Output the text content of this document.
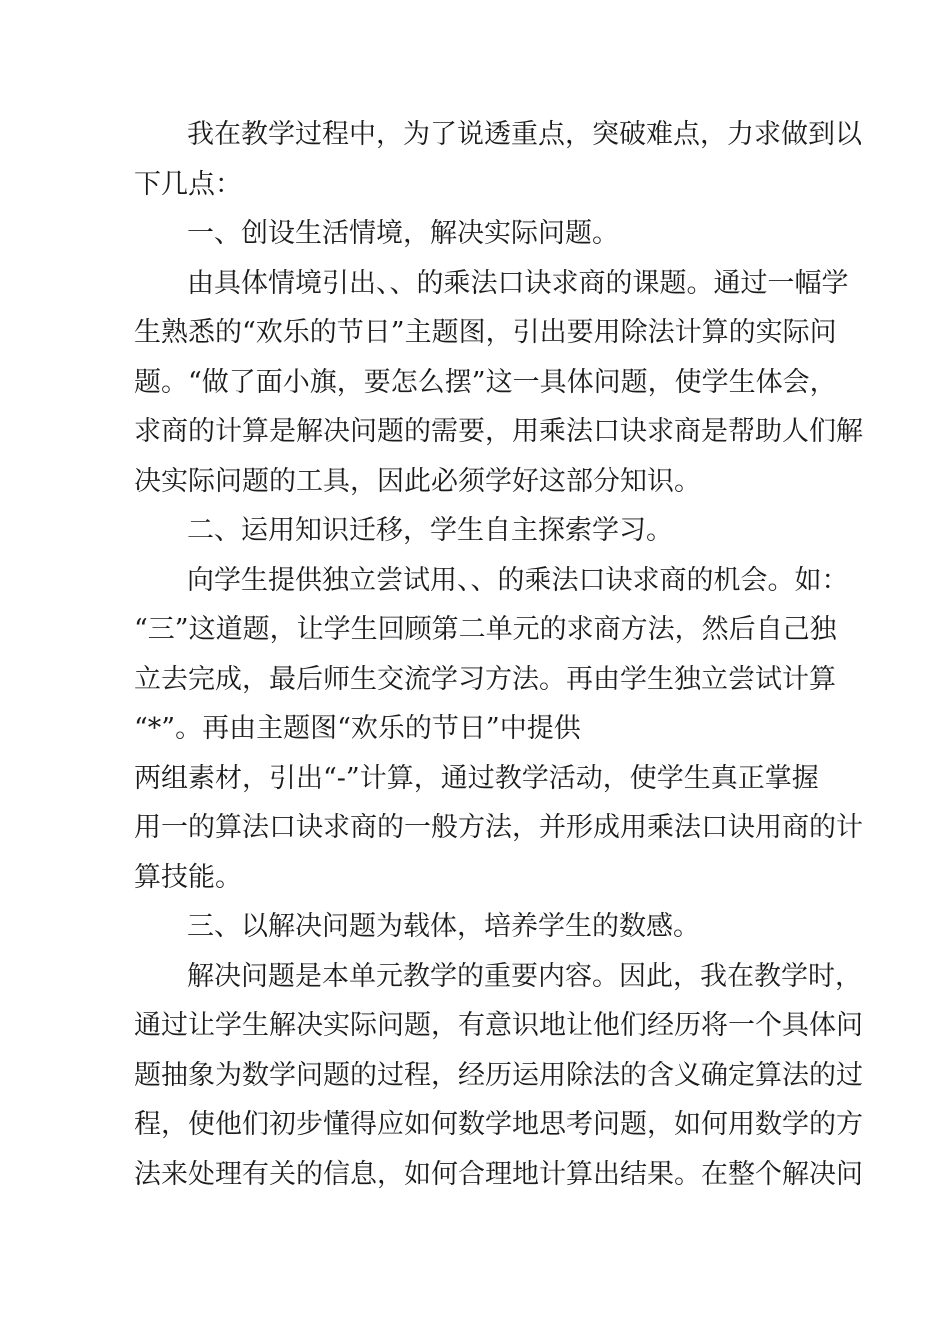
我在教学过程中，为了说透重点，突破难点，力求做到以
下几点：
一、创设生活情境，解决实际问题。
由具体情境引出、、的乘法口诀求商的课题。通过一幅学
生熟悉的“欢乐的节日”主题图，引出要用除法计算的实际问
题。“做了面小旗，要怎么摆”这一具体问题，使学生体会，
求商的计算是解决问题的需要，用乘法口诀求商是帮助人们解
决实际问题的工具，因此必须学好这部分知识。
二、运用知识迁移，学生自主探索学习。
向学生提供独立尝试用、、的乘法口诀求商的机会。如：
“三”这道题，让学生回顾第二单元的求商方法，然后自己独
立去完成，最后师生交流学习方法。再由学生独立尝试计算
“*”。再由主题图“欢乐的节日”中提供
两组素材，引出“-”计算，通过教学活动，使学生真正掌握
用一的算法口诀求商的一般方法，并形成用乘法口诀用商的计
算技能。
三、以解决问题为载体，培养学生的数感。
解决问题是本单元教学的重要内容。因此，我在教学时，
通过让学生解决实际问题，有意识地让他们经历将一个具体问
题抽象为数学问题的过程，经历运用除法的含义确定算法的过
程，使他们初步懂得应如何数学地思考问题，如何用数学的方
法来处理有关的信息，如何合理地计算出结果。在整个解决问
